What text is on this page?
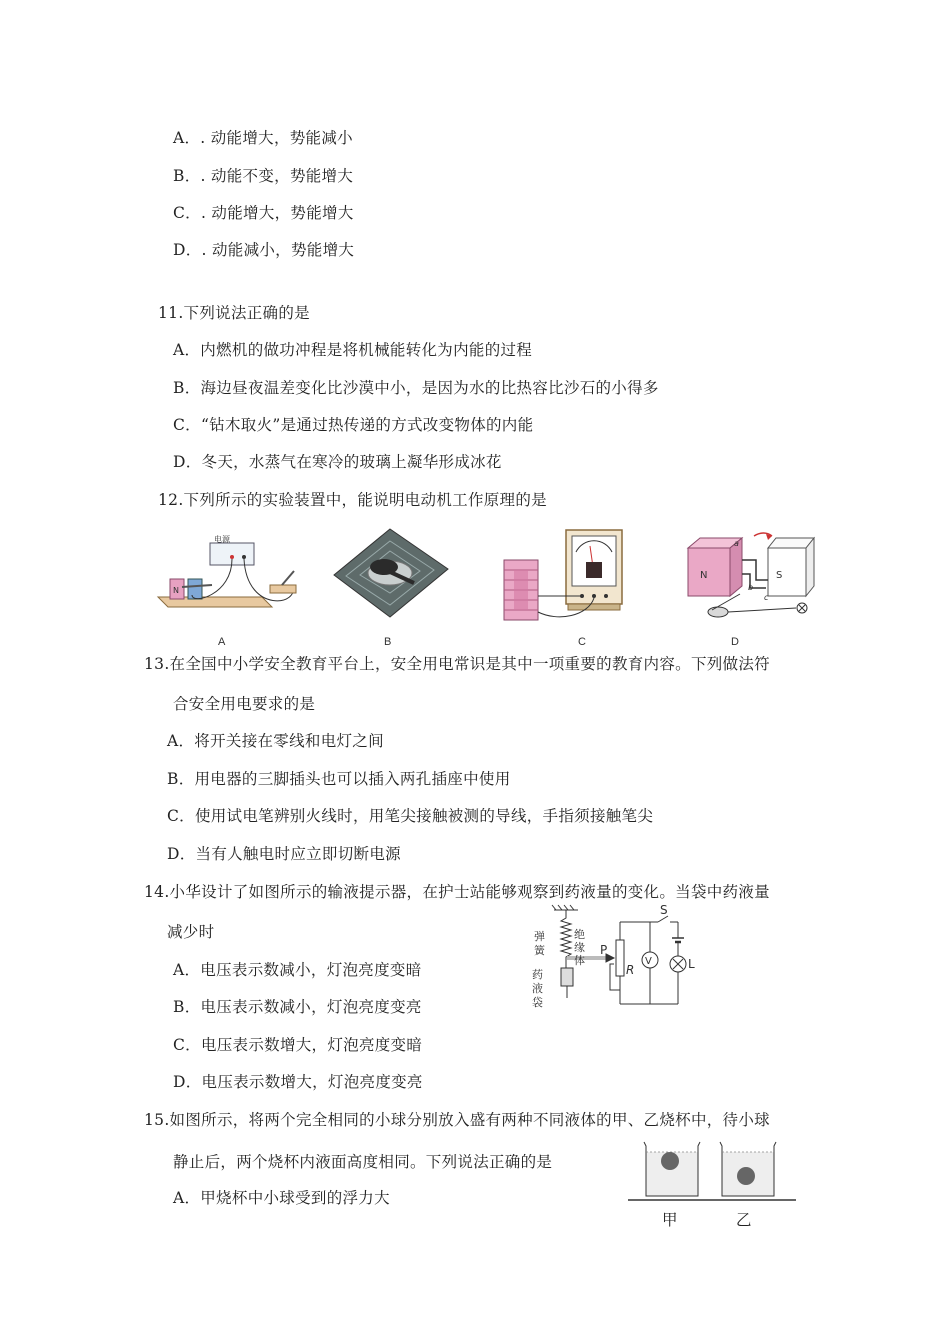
A．. 动能增大，势能减小
B．. 动能不变，势能增大
C．. 动能增大，势能增大
D．. 动能减小，势能增大
11.下列说法正确的是
A．内燃机的做功冲程是将机械能转化为内能的过程
B．海边昼夜温差变化比沙漠中小，是因为水的比热容比沙石的小得多
C．“钻木取火”是通过热传递的方式改变物体的内能
D．冬天，水蒸气在寒冷的玻璃上凝华形成冰花
12.下列所示的实验装置中，能说明电动机工作原理的是
电源
N
A	B	C
N	S
a
b
c
D
13.在全国中小学安全教育平台上，安全用电常识是其中一项重要的教育内容。下列做法符
合安全用电要求的是
A．将开关接在零线和电灯之间
B．用电器的三脚插头也可以插入两孔插座中使用
C．使用试电笔辨别火线时，用笔尖接触被测的导线，手指须接触笔尖
D．当有人触电时应立即切断电源
14.小华设计了如图所示的输液提示器，在护士站能够观察到药液量的变化。当袋中药液量
减少时
A．电压表示数减小，灯泡亮度变暗
B．电压表示数减小，灯泡亮度变亮
C．电压表示数增大，灯泡亮度变暗
D．电压表示数增大，灯泡亮度变亮
弹
簧
绝
缘
体
药
液
袋
P
R
V	L
S
15.如图所示，将两个完全相同的小球分别放入盛有两种不同液体的甲、乙烧杯中，待小球
静止后，两个烧杯内液面高度相同。下列说法正确的是
A．甲烧杯中小球受到的浮力大
甲	乙
